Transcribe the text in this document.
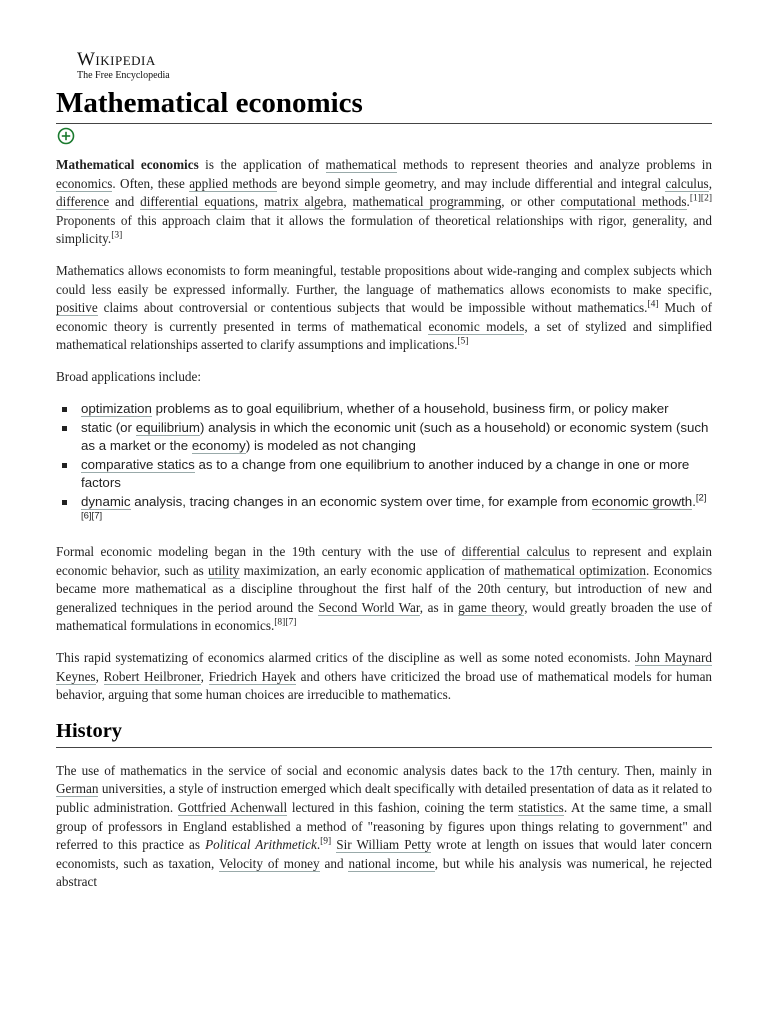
Wikipedia
The Free Encyclopedia
Mathematical economics

Mathematical economics is the application of mathematical methods to represent theories and analyze problems in economics. Often, these applied methods are beyond simple geometry, and may include differential and integral calculus, difference and differential equations, matrix algebra, mathematical programming, or other computational methods.[1][2] Proponents of this approach claim that it allows the formulation of theoretical relationships with rigor, generality, and simplicity.[3]

Mathematics allows economists to form meaningful, testable propositions about wide-ranging and complex subjects which could less easily be expressed informally. Further, the language of mathematics allows economists to make specific, positive claims about controversial or contentious subjects that would be impossible without mathematics.[4] Much of economic theory is currently presented in terms of mathematical economic models, a set of stylized and simplified mathematical relationships asserted to clarify assumptions and implications.[5]

Broad applications include:

optimization problems as to goal equilibrium, whether of a household, business firm, or policy maker
static (or equilibrium) analysis in which the economic unit (such as a household) or economic system (such as a market or the economy) is modeled as not changing
comparative statics as to a change from one equilibrium to another induced by a change in one or more factors
dynamic analysis, tracing changes in an economic system over time, for example from economic growth.[2][6][7]

Formal economic modeling began in the 19th century with the use of differential calculus to represent and explain economic behavior, such as utility maximization, an early economic application of mathematical optimization. Economics became more mathematical as a discipline throughout the first half of the 20th century, but introduction of new and generalized techniques in the period around the Second World War, as in game theory, would greatly broaden the use of mathematical formulations in economics.[8][7]

This rapid systematizing of economics alarmed critics of the discipline as well as some noted economists. John Maynard Keynes, Robert Heilbroner, Friedrich Hayek and others have criticized the broad use of mathematical models for human behavior, arguing that some human choices are irreducible to mathematics.

History

The use of mathematics in the service of social and economic analysis dates back to the 17th century. Then, mainly in German universities, a style of instruction emerged which dealt specifically with detailed presentation of data as it related to public administration. Gottfried Achenwall lectured in this fashion, coining the term statistics. At the same time, a small group of professors in England established a method of "reasoning by figures upon things relating to government" and referred to this practice as Political Arithmetick.[9] Sir William Petty wrote at length on issues that would later concern economists, such as taxation, Velocity of money and national income, but while his analysis was numerical, he rejected abstract
